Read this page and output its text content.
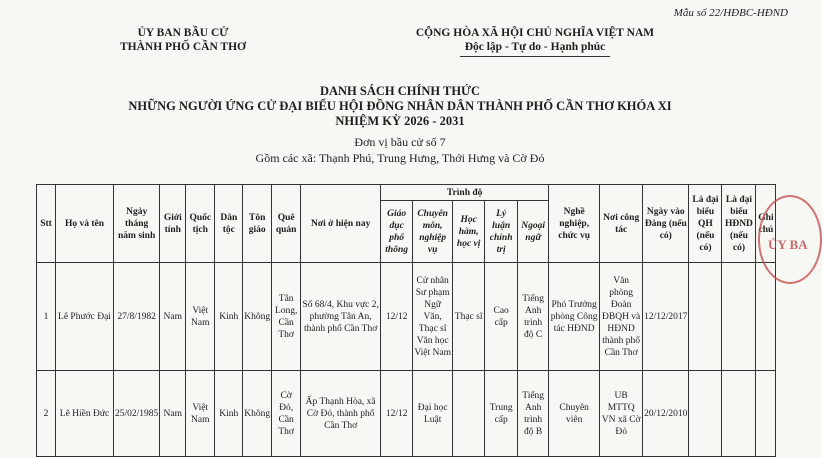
Mẫu số 22/HĐBC-HĐND
ỦY BAN BẦU CỬ
THÀNH PHỐ CẦN THƠ
CỘNG HÒA XÃ HỘI CHỦ NGHĨA VIỆT NAM
Độc lập - Tự do - Hạnh phúc
DANH SÁCH CHÍNH THỨC
NHỮNG NGƯỜI ỨNG CỬ ĐẠI BIỂU HỘI ĐỒNG NHÂN DÂN THÀNH PHỐ CẦN THƠ KHÓA XI
NHIỆM KỲ 2026 - 2031
Đơn vị bầu cử số 7
Gồm các xã: Thạnh Phú, Trung Hưng, Thới Hưng và Cờ Đỏ
Stt	Họ và tên	Ngày tháng năm sinh	Giới tính	Quốc tịch	Dân tộc	Tôn giáo	Quê quán	Nơi ở hiện nay	Trình độ					Nghề nghiệp, chức vụ	Nơi công tác	Ngày vào Đảng (nếu có)	Là đại biểu QH (nếu có)	Là đại biểu HĐND (nếu có)	Ghi chú
									Giáo dục phổ thông	Chuyên môn, nghiệp vụ	Học hàm, học vị	Lý luận chính trị	Ngoại ngữ						
1	Lê Phước Đại	27/8/1982	Nam	Việt Nam	Kinh	Không	Tân Long, Cần Thơ	Số 68/4, Khu vực 2, phường Tân An, thành phố Cần Thơ	12/12	Cử nhân Sư phạm Ngữ Văn, Thạc sĩ Văn học Việt Nam	Thạc sĩ	Cao cấp	Tiếng Anh trình độ C	Phó Trưởng phòng Công tác HĐND	Văn phòng Đoàn ĐBQH và HĐND thành phố Cần Thơ	12/12/2017			
2	Lê Hiền Đức	25/02/1985	Nam	Việt Nam	Kinh	Không	Cờ Đỏ, Cần Thơ	Ấp Thạnh Hòa, xã Cờ Đỏ, thành phố Cần Thơ	12/12	Đại học Luật		Trung cấp	Tiếng Anh trình độ B	Chuyên viên	UB MTTQ VN xã Cờ Đỏ	20/12/2010			
ỦY BA
